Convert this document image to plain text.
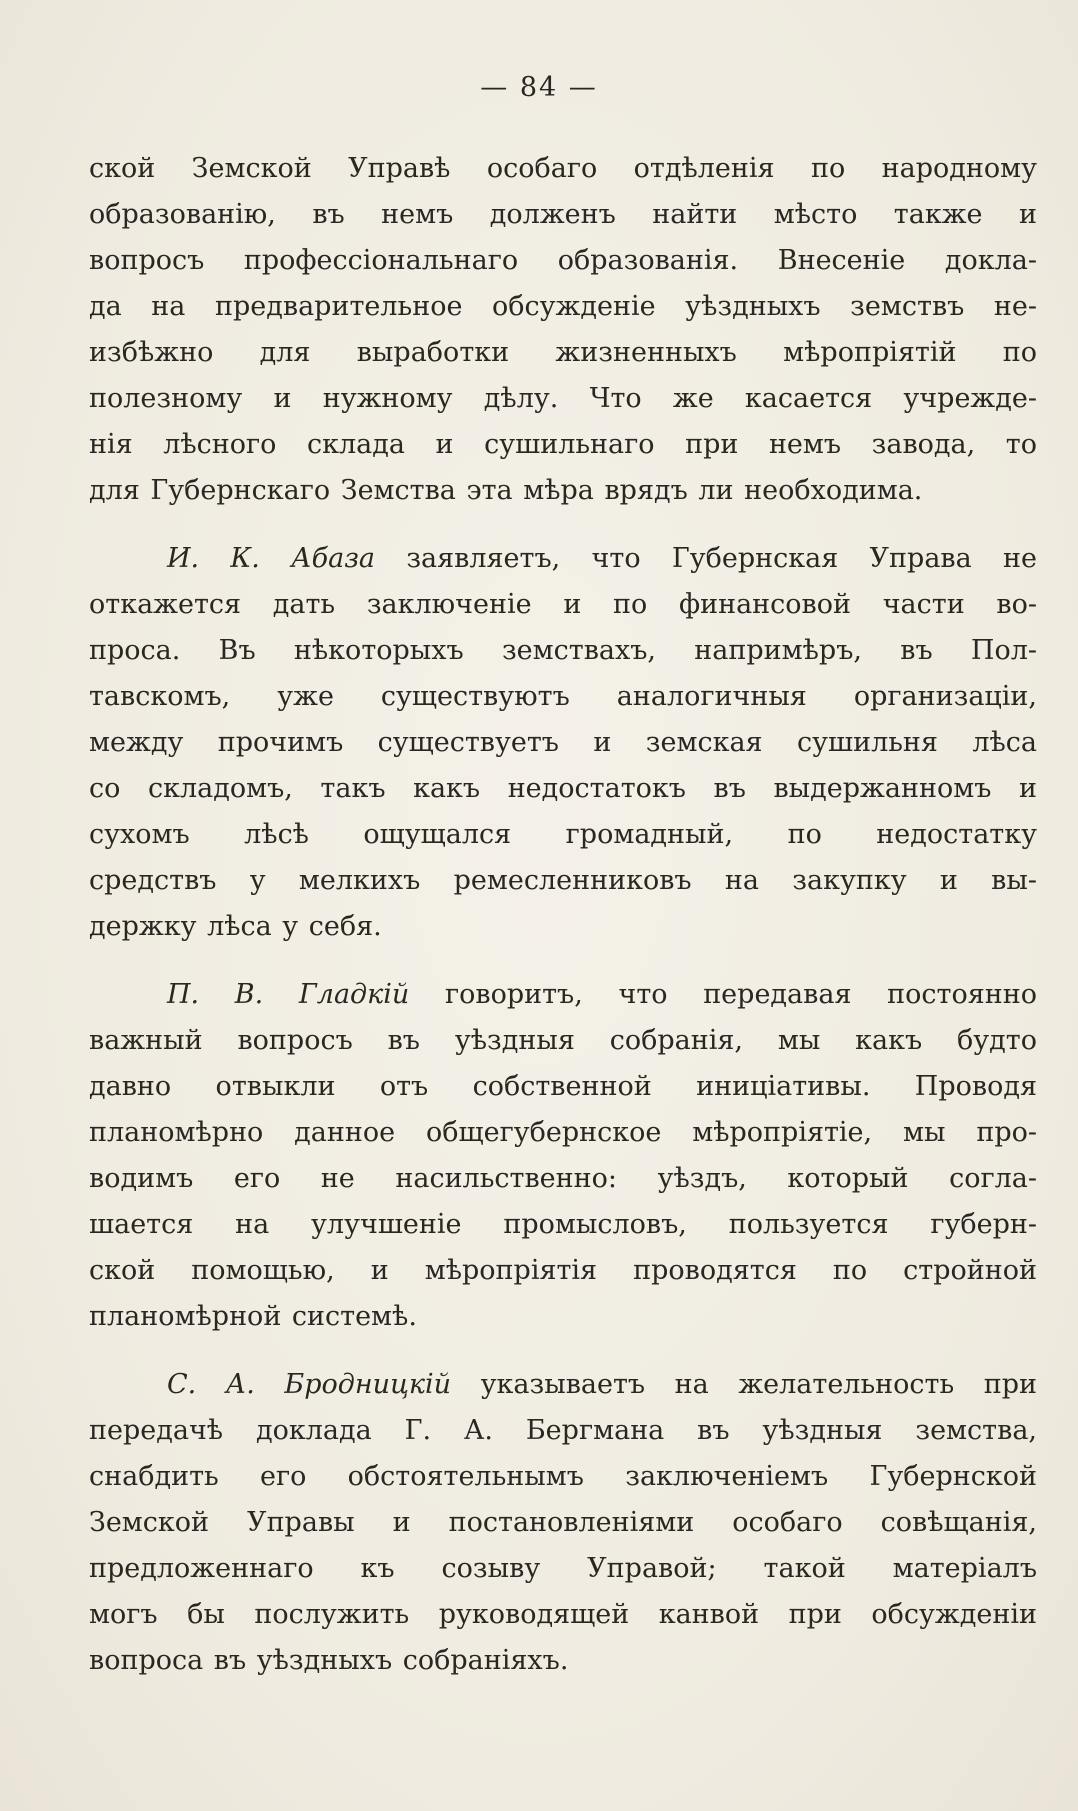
— 84 —
ской Земской Управѣ особаго отдѣленія по народному
образованію, въ немъ долженъ найти мѣсто также и
вопросъ профессіональнаго образованія. Внесеніе докла-
да на предварительное обсужденіе уѣздныхъ земствъ не-
избѣжно для выработки жизненныхъ мѣропріятій по
полезному и нужному дѣлу. Что же касается учрежде-
нія лѣсного склада и сушильнаго при немъ завода, то
для Губернскаго Земства эта мѣра врядъ ли необходима.
И. К. Абаза заявляетъ, что Губернская Управа не
откажется дать заключеніе и по финансовой части во-
проса. Въ нѣкоторыхъ земствахъ, напримѣръ, въ Пол-
тавскомъ, уже существуютъ аналогичныя организаціи,
между прочимъ существуетъ и земская сушильня лѣса
со складомъ, такъ какъ недостатокъ въ выдержанномъ и
сухомъ лѣсѣ ощущался громадный, по недостатку
средствъ у мелкихъ ремесленниковъ на закупку и вы-
держку лѣса у себя.
П. В. Гладкій говоритъ, что передавая постоянно
важный вопросъ въ уѣздныя собранія, мы какъ будто
давно отвыкли отъ собственной иниціативы. Проводя
планомѣрно данное общегубернское мѣропріятіе, мы про-
водимъ его не насильственно: уѣздъ, который согла-
шается на улучшеніе промысловъ, пользуется губерн-
ской помощью, и мѣропріятія проводятся по стройной
планомѣрной системѣ.
С. А. Бродницкій указываетъ на желательность при
передачѣ доклада Г. А. Бергмана въ уѣздныя земства,
снабдить его обстоятельнымъ заключеніемъ Губернской
Земской Управы и постановленіями особаго совѣщанія,
предложеннаго къ созыву Управой; такой матеріалъ
могъ бы послужить руководящей канвой при обсужденіи
вопроса въ уѣздныхъ собраніяхъ.
